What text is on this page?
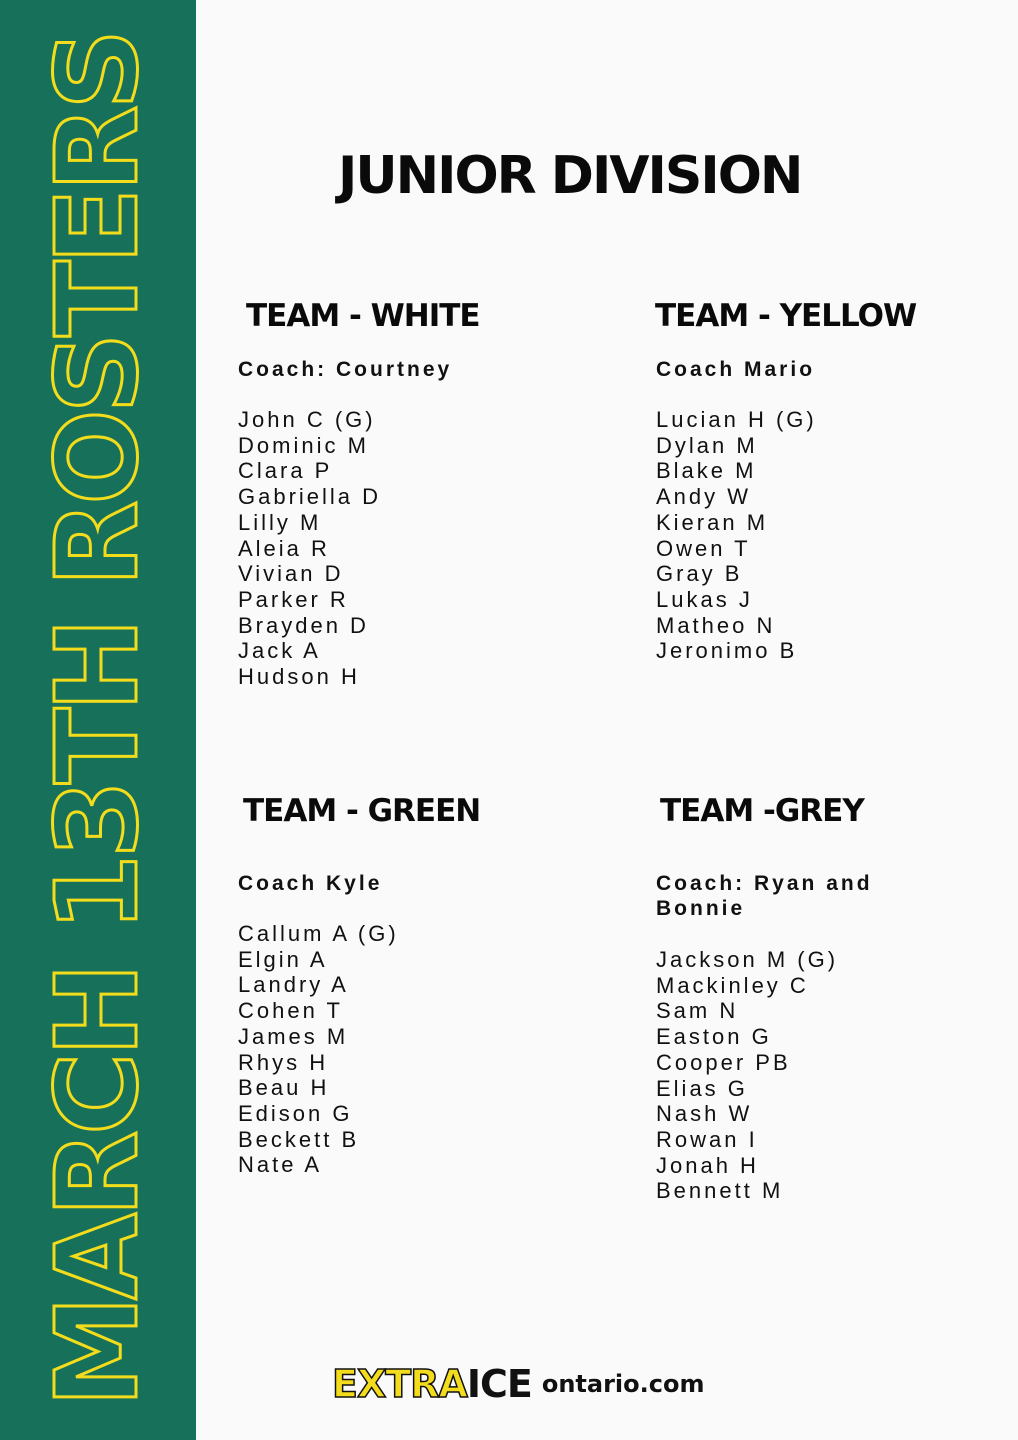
MARCH 13TH ROSTERS	JUNIOR DIVISION
TEAM - WHITE
Coach: Courtney
John C (G)
Dominic M
Clara P
Gabriella D
Lilly M
Aleia R
Vivian D
Parker R
Brayden D
Jack A
Hudson H
TEAM - YELLOW
Coach Mario
Lucian H (G)
Dylan M
Blake M
Andy W
Kieran M
Owen T
Gray B
Lukas J
Matheo N
Jeronimo B
TEAM - GREEN
Coach Kyle
Callum A (G)
Elgin A
Landry A
Cohen T
James M
Rhys H
Beau H
Edison G
Beckett B
Nate A
TEAM -GREY
Coach: Ryan and Bonnie
Jackson M (G)
Mackinley C
Sam N
Easton G
Cooper PB
Elias G
Nash W
Rowan I
Jonah H
Bennett M
EXTRAICE ontario.com
